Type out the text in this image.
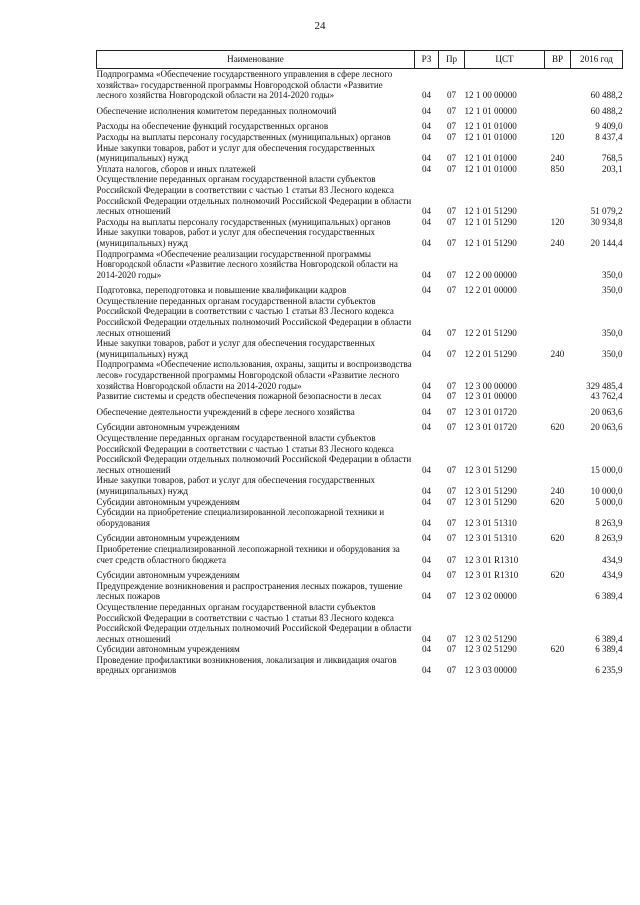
24
Наименование	РЗ	Пр	ЦСТ	ВР	2016 год
Подпрограмма «Обеспечение государственного управления в сфере лесного хозяйства» государственной программы Новгородской области «Развитие лесного хозяйства Новгородской области на 2014-2020 годы»	04	07	12 1 00 00000		60 488,2

Обеспечение исполнения комитетом переданных полномочий	04	07	12 1 01 00000		60 488,2

Расходы на обеспечение функций государственных органов	04	07	12 1 01 01000		9 409,0
Расходы на выплаты персоналу государственных (муниципальных) органов	04	07	12 1 01 01000	120	8 437,4
Иные закупки товаров, работ и услуг для обеспечения государственных (муниципальных) нужд	04	07	12 1 01 01000	240	768,5
Уплата налогов, сборов и иных платежей	04	07	12 1 01 01000	850	203,1
Осуществление переданных органам государственной власти субъектов Российской Федерации в соответствии с частью 1 статьи 83 Лесного кодекса Российской Федерации отдельных полномочий Российской Федерации в области лесных отношений	04	07	12 1 01 51290		51 079,2
Расходы на выплаты персоналу государственных (муниципальных) органов	04	07	12 1 01 51290	120	30 934,8
Иные закупки товаров, работ и услуг для обеспечения государственных (муниципальных) нужд	04	07	12 1 01 51290	240	20 144,4
Подпрограмма «Обеспечение реализации государственной программы Новгородской области «Развитие лесного хозяйства Новгородской области на 2014-2020 годы»	04	07	12 2 00 00000		350,0

Подготовка, переподготовка и повышение квалификации кадров	04	07	12 2 01 00000		350,0
Осуществление переданных органам государственной власти субъектов Российской Федерации в соответствии с частью 1 статьи 83 Лесного кодекса Российской Федерации отдельных полномочий Российской Федерации в области лесных отношений	04	07	12 2 01 51290		350,0
Иные закупки товаров, работ и услуг для обеспечения государственных (муниципальных) нужд	04	07	12 2 01 51290	240	350,0
Подпрограмма «Обеспечение использования, охраны, защиты и воспроизводства лесов» государственной программы Новгородской области «Развитие лесного хозяйства Новгородской области на 2014-2020 годы»	04	07	12 3 00 00000		329 485,4
Развитие системы и средств обеспечения пожарной безопасности в лесах	04	07	12 3 01 00000		43 762,4

Обеспечение деятельности учреждений в сфере лесного хозяйства	04	07	12 3 01 01720		20 063,6

Субсидии автономным учреждениям	04	07	12 3 01 01720	620	20 063,6
Осуществление переданных органам государственной власти субъектов Российской Федерации в соответствии с частью 1 статьи 83 Лесного кодекса Российской Федерации отдельных полномочий Российской Федерации в области лесных отношений	04	07	12 3 01 51290		15 000,0
Иные закупки товаров, работ и услуг для обеспечения государственных (муниципальных) нужд	04	07	12 3 01 51290	240	10 000,0
Субсидии автономным учреждениям	04	07	12 3 01 51290	620	5 000,0
Субсидии на приобретение специализированной лесопожарной техники и оборудования	04	07	12 3 01 51310		8 263,9

Субсидии автономным учреждениям	04	07	12 3 01 51310	620	8 263,9
Приобретение специализированной лесопожарной техники и оборудования за счет средств областного бюджета	04	07	12 3 01 R1310		434,9

Субсидии автономным учреждениям	04	07	12 3 01 R1310	620	434,9
Предупреждение возникновения и распространения лесных пожаров, тушение лесных пожаров	04	07	12 3 02 00000		6 389,4
Осуществление переданных органам государственной власти субъектов Российской Федерации в соответствии с частью 1 статьи 83 Лесного кодекса Российской Федерации отдельных полномочий Российской Федерации в области лесных отношений	04	07	12 3 02 51290		6 389,4
Субсидии автономным учреждениям	04	07	12 3 02 51290	620	6 389,4
Проведение профилактики возникновения, локализация и ликвидация очагов вредных организмов	04	07	12 3 03 00000		6 235,9
